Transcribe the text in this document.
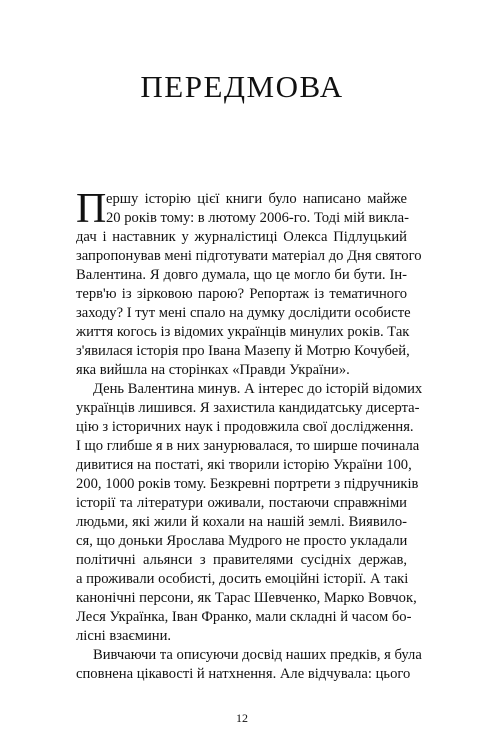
ПЕРЕДМОВА
П ершу історію цієї книги було написано майже
20 років тому: в лютому 2006-го. Тоді мій викла-
дач і наставник у журналістиці Олекса Підлуцький
запропонував мені підготувати матеріал до Дня святого
Валентина. Я довго думала, що це могло би бути. Ін-
терв'ю із зірковою парою? Репортаж із тематичного
заходу? І тут мені спало на думку дослідити особисте
життя когось із відомих українців минулих років. Так
з'явилася історія про Івана Мазепу й Мотрю Кочубей,
яка вийшла на сторінках «Правди України».
День Валентина минув. А інтерес до історій відомих
українців лишився. Я захистила кандидатську дисерта-
цію з історичних наук і продовжила свої дослідження.
І що глибше я в них занурювалася, то ширше починала
дивитися на постаті, які творили історію України 100,
200, 1000 років тому. Безкревні портрети з підручників
історії та літератури оживали, постаючи справжніми
людьми, які жили й кохали на нашій землі. Виявило-
ся, що доньки Ярослава Мудрого не просто укладали
політичні альянси з правителями сусідніх держав,
а проживали особисті, досить емоційні історії. А такі
канонічні персони, як Тарас Шевченко, Марко Вовчок,
Леся Українка, Іван Франко, мали складні й часом бо-
лісні взаємини.
Вивчаючи та описуючи досвід наших предків, я була
сповнена цікавості й натхнення. Але відчувала: цього
12
